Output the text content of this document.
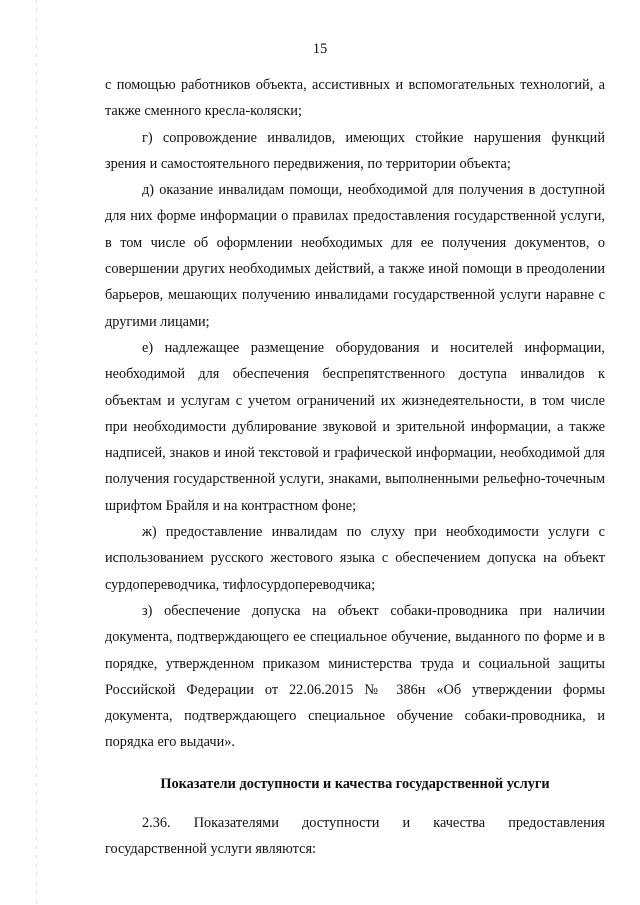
15

с помощью работников объекта, ассистивных и вспомогательных технологий, а также сменного кресла-коляски;

г) сопровождение инвалидов, имеющих стойкие нарушения функций зрения и самостоятельного передвижения, по территории объекта;

д) оказание инвалидам помощи, необходимой для получения в доступной для них форме информации о правилах предоставления государственной услуги, в том числе об оформлении необходимых для ее получения документов, о совершении других необходимых действий, а также иной помощи в преодолении барьеров, мешающих получению инвалидами государственной услуги наравне с другими лицами;

е) надлежащее размещение оборудования и носителей информации, необходимой для обеспечения беспрепятственного доступа инвалидов к объектам и услугам с учетом ограничений их жизнедеятельности, в том числе при необходимости дублирование звуковой и зрительной информации, а также надписей, знаков и иной текстовой и графической информации, необходимой для получения государственной услуги, знаками, выполненными рельефно-точечным шрифтом Брайля и на контрастном фоне;

ж) предоставление инвалидам по слуху при необходимости услуги с использованием русского жестового языка с обеспечением допуска на объект сурдопереводчика, тифлосурдопереводчика;

з) обеспечение допуска на объект собаки-проводника при наличии документа, подтверждающего ее специальное обучение, выданного по форме и в порядке, утвержденном приказом министерства труда и социальной защиты Российской Федерации от 22.06.2015 № 386н «Об утверждении формы документа, подтверждающего специальное обучение собаки-проводника, и порядка его выдачи».

Показатели доступности и качества государственной услуги

2.36. Показателями доступности и качества предоставления государственной услуги являются:
